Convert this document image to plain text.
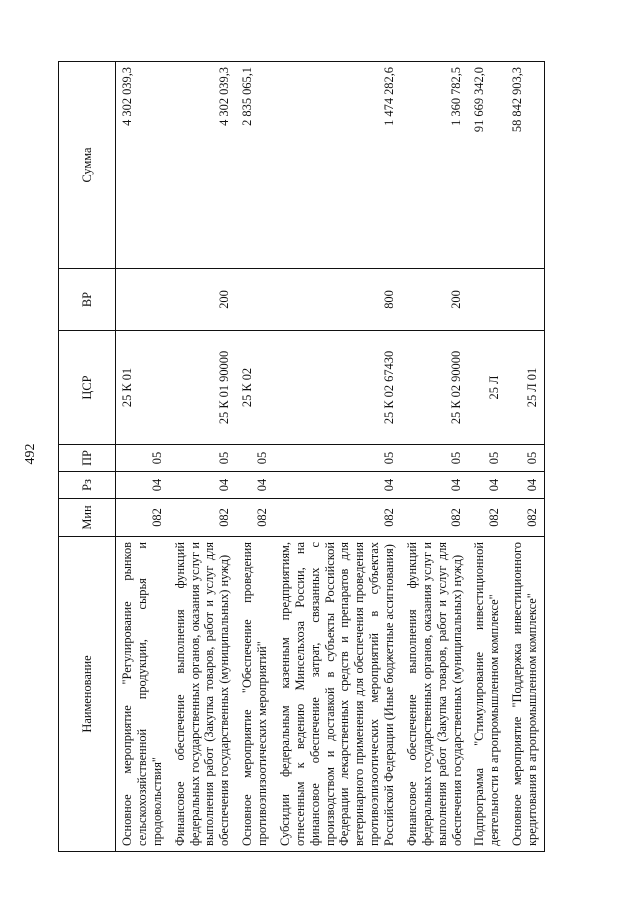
492
Наименование	Мин	Рз	ПР	ЦСР	ВР	Сумма
Основное мероприятие "Регулирование рынков сельскохозяйственной продукции, сырья и продовольствия"	082	04	05	25 К 01		4 302 039,3
Финансовое обеспечение выполнения функций федеральных государственных органов, оказания услуг и выполнения работ (Закупка товаров, работ и услуг для обеспечения государственных (муниципальных) нужд)	082	04	05	25 К 01 90000	200	4 302 039,3
Основное мероприятие "Обеспечение проведения противоэпизоотических мероприятий"	082	04	05	25 К 02		2 835 065,1
Субсидии федеральным казенным предприятиям, отнесенным к ведению Минсельхоза России, на финансовое обеспечение затрат, связанных с производством и доставкой в субъекты Российской Федерации лекарственных средств и препаратов для ветеринарного применения для обеспечения проведения противоэпизоотических мероприятий в субъектах Российской Федерации (Иные бюджетные ассигнования)	082	04	05	25 К 02 67430	800	1 474 282,6
Финансовое обеспечение выполнения функций федеральных государственных органов, оказания услуг и выполнения работ (Закупка товаров, работ и услуг для обеспечения государственных (муниципальных) нужд)	082	04	05	25 К 02 90000	200	1 360 782,5
Подпрограмма "Стимулирование инвестиционной деятельности в агропромышленном комплексе"	082	04	05	25 Л		91 669 342,0
Основное мероприятие "Поддержка инвестиционного кредитования в агропромышленном комплексе"	082	04	05	25 Л 01		58 842 903,3
